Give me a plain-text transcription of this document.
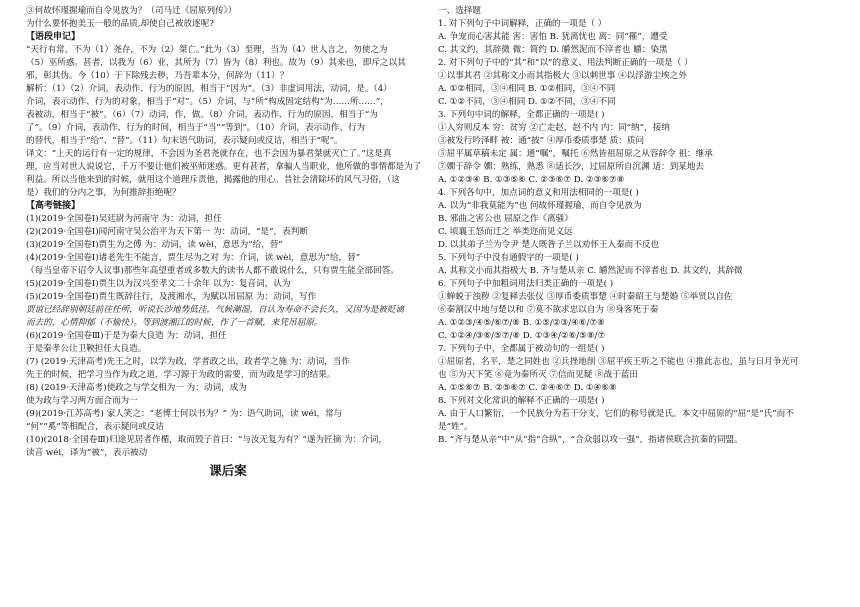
③何故怀瑾握瑜而自令见放为？（司马迁《屈原列传》）
为什么要怀抱美玉一般的品质,却使自己被放逐呢?
【语段申记】
“天行有常，不为（1）尧存，不为（2）桀亡。”此为（3）至理，当为（4）世人言之，勿使之为
（5）巫所惑。甚者，以我为（6）业，其所为（7）皆为（8）利也。故为（9）其来也，即斥之以其
邪，彰其伪。今（10）于下除残去秽，乃吾辈本分，何辞为（11）？
解析：（1）（2）介词，表动作、行为的原因，相当于“因为”。（3）非虚词用法，动词，是。（4）
介词，表示动作、行为的对象，相当于“对”。（5）介词，与“所”构成固定结构“为……所……”，
表被动，相当于“被”。（6）（7）动词，作，做。（8）介词，表动作、行为的原因，相当于“为
了”。（9）介词，表动作、行为的时间，相当于“当”“等到”。（10）介词，表示动作、行为
的替代，相当于“给”、“替”。（11）句末语气助词，表示疑问或反诘，相当于“呢”。
译文：“上天的运行有一定的规律，不会因为圣君尧就存在，也不会因为暴君桀就灭亡了。”这是真
理，应当对世人说说它，千万不要让他们被巫师迷惑。更有甚者，拿骗人当职业，他所做的事情都是为了
利益。所以当他来到的时候，就用这个道理斥责他，揭露他的用心。昔社会清除坏的风气习俗，（这
是）我们的分内之事，为何推辞拒绝呢？
【高考链接】
(1)(2019·全国卷Ⅰ)吴廷尉为河南守 为：动词，担任
(2)(2019·全国卷Ⅰ)闻河南守吴公治平为天下第一 为：动词，“是”，表判断
(3)(2019·全国卷Ⅰ)贾生为之傅 为：动词，读 wèi，意思为“给，替”
(4)(2019·全国卷Ⅰ)诸老先生不能言，贾生尽为之对 为：介词，读 wèi，意思为“给，替”
（每当皇帝下诏令人议事)那些年高望重者或多数大的读书人都不敢说什么，只有贾生能全部回答。
(5)(2019·全国卷Ⅰ)贾生以为汉兴至孝文二十余年 以为：复音词，认为
(5)(2019·全国卷Ⅰ)贾生既辞往行，及渡湘水，为赋以吊屈原 为：动词，写作
贾谊已经辞别朝廷前往任所，听说长沙地势低洼，气候潮湿，自认为寿命不会长久，又因为是被贬谪
而去的，心情抑郁（不愉快）。等到渡湘江的时候，作了一首赋，来凭吊屈原。
(6)(2019·全国卷Ⅲ)于是为秦大良造 为：动词，担任
于是秦孝公让卫鞅担任大良造。
(7) (2019·天津高考)先王之时，以学为政，学者政之出，政者学之施 为：动词，当作
先王的时候，把学习当作为政之道，学习源于为政的需要，而为政是学习的结果。
(8) (2019·天津高考)使政之与学交相为一 为：动词，成为
使为政与学习两方面合而为一
(9)(2019·江苏高考) 家人笑之：“老博士何以书为？” 为：语气助词，读 wéi，常与
“何”“奚”等相配合，表示疑问或反诘
(10)(2018·全国卷Ⅲ)归途见居者作楯，取而毁子首曰：“与汝无复为有？”遂为匠摘 为：介词，
读音 wéi，译为“被”，表示被动
课后案
一、选择题
1. 对下列句子中词解释，正确的一项是（ ）
A. 争宠而心害其能 害：害怕 B. 犹离忧也 离：同“罹”，遭受
C. 其文约，其辞微 微：简约 D. 皭然泥而不滓者也 皭：染黑
2. 对下列句子中的“其”和“以”的意义、用法判断正确的一项是（ ）
①以事其君 ②其称文小而其指极大 ③以刺世事 ④以浮游尘埃之外
A. ①②相同，③④相同 B. ①②相同，③④不同
C. ①②不同，③④相同 D. ①②不同，③④不同
3. 下列句中词的解释，全都正确的一项是( )
①入穷则反本 穷：贫穷 ②亡走赵，赵不内 内：同“纳”，接纳
③被发行吟泽畔 被：通“披” ④厚币委质事楚 质：质问
⑤屈平属草稿未定 属：通“嘱”，嘱托 ⑥然皆祖屈原之从容辞令 祖：继承
⑦嫺于辞令 嫺：熟练，熟悉 ⑧适长沙，过屈原所自沉渊 适：到某地去
A. ①②③④ B. ①③⑤⑥ C. ②③⑥⑦ D. ②③⑥⑦⑧
4. 下列各句中，加点词的意义和用法相同的一项是( )
A. 以为“非我莫能为”也 何故怀瑾握瑜，而自令见放为
B. 邪曲之害公也 屈原之作《离骚》
C. 顷襄王怒而迁之 举类迩而见义远
D. 以其弟子兰为令尹 楚人既咎子兰以劝怀王入秦而不反也
5. 下列句子中没有通假字的一项是( )
A. 其称文小而其指极大 B. 齐与楚从亲 C. 皭然泥而不滓者也 D. 其文约，其辞微
6. 下列句子中加粗词用法归类正确的一项是( )
①蝉蜕于浊秽 ②复释去张仪 ③厚币委质事楚 ④时秦昭王与楚婚 ⑤举贤以自佐
⑥秦割汉中地与楚以和 ⑦莫不欲求忠以自为 ⑧身客死于秦
A. ①②③/④⑤/⑥⑦/⑧ B. ①⑤/②③/④⑥/⑦⑧
C. ①②④/③⑥/⑤⑦/⑧ D. ①③④/②⑥/⑤⑧/⑦
7. 下列句子中，全都属于被动句的一组是( )
①屈原者，名平，楚之同姓也 ②兵挫地削 ③屈平疾王听之不能也 ④推此志也，虽与日月争光可
也 ⑤为天下笑 ⑥竟为秦所灭 ⑦信而见疑 ⑧战于蓝田
A. ①⑤⑥⑦ B. ②⑤⑥⑦ C. ②④⑥⑦ D. ①④⑥⑧
8. 下列对文化常识的解释不正确的一项是( )
A. 由于人口繁衍，一个民族分为若干分支，它们的称号就是氏。本文中屈原的“屈”是“氏”而不
是“姓”。
B. “齐与楚从亲”中“从”指“合纵”，“合众弱以攻一强”，指诸侯联合抗秦的同盟。
